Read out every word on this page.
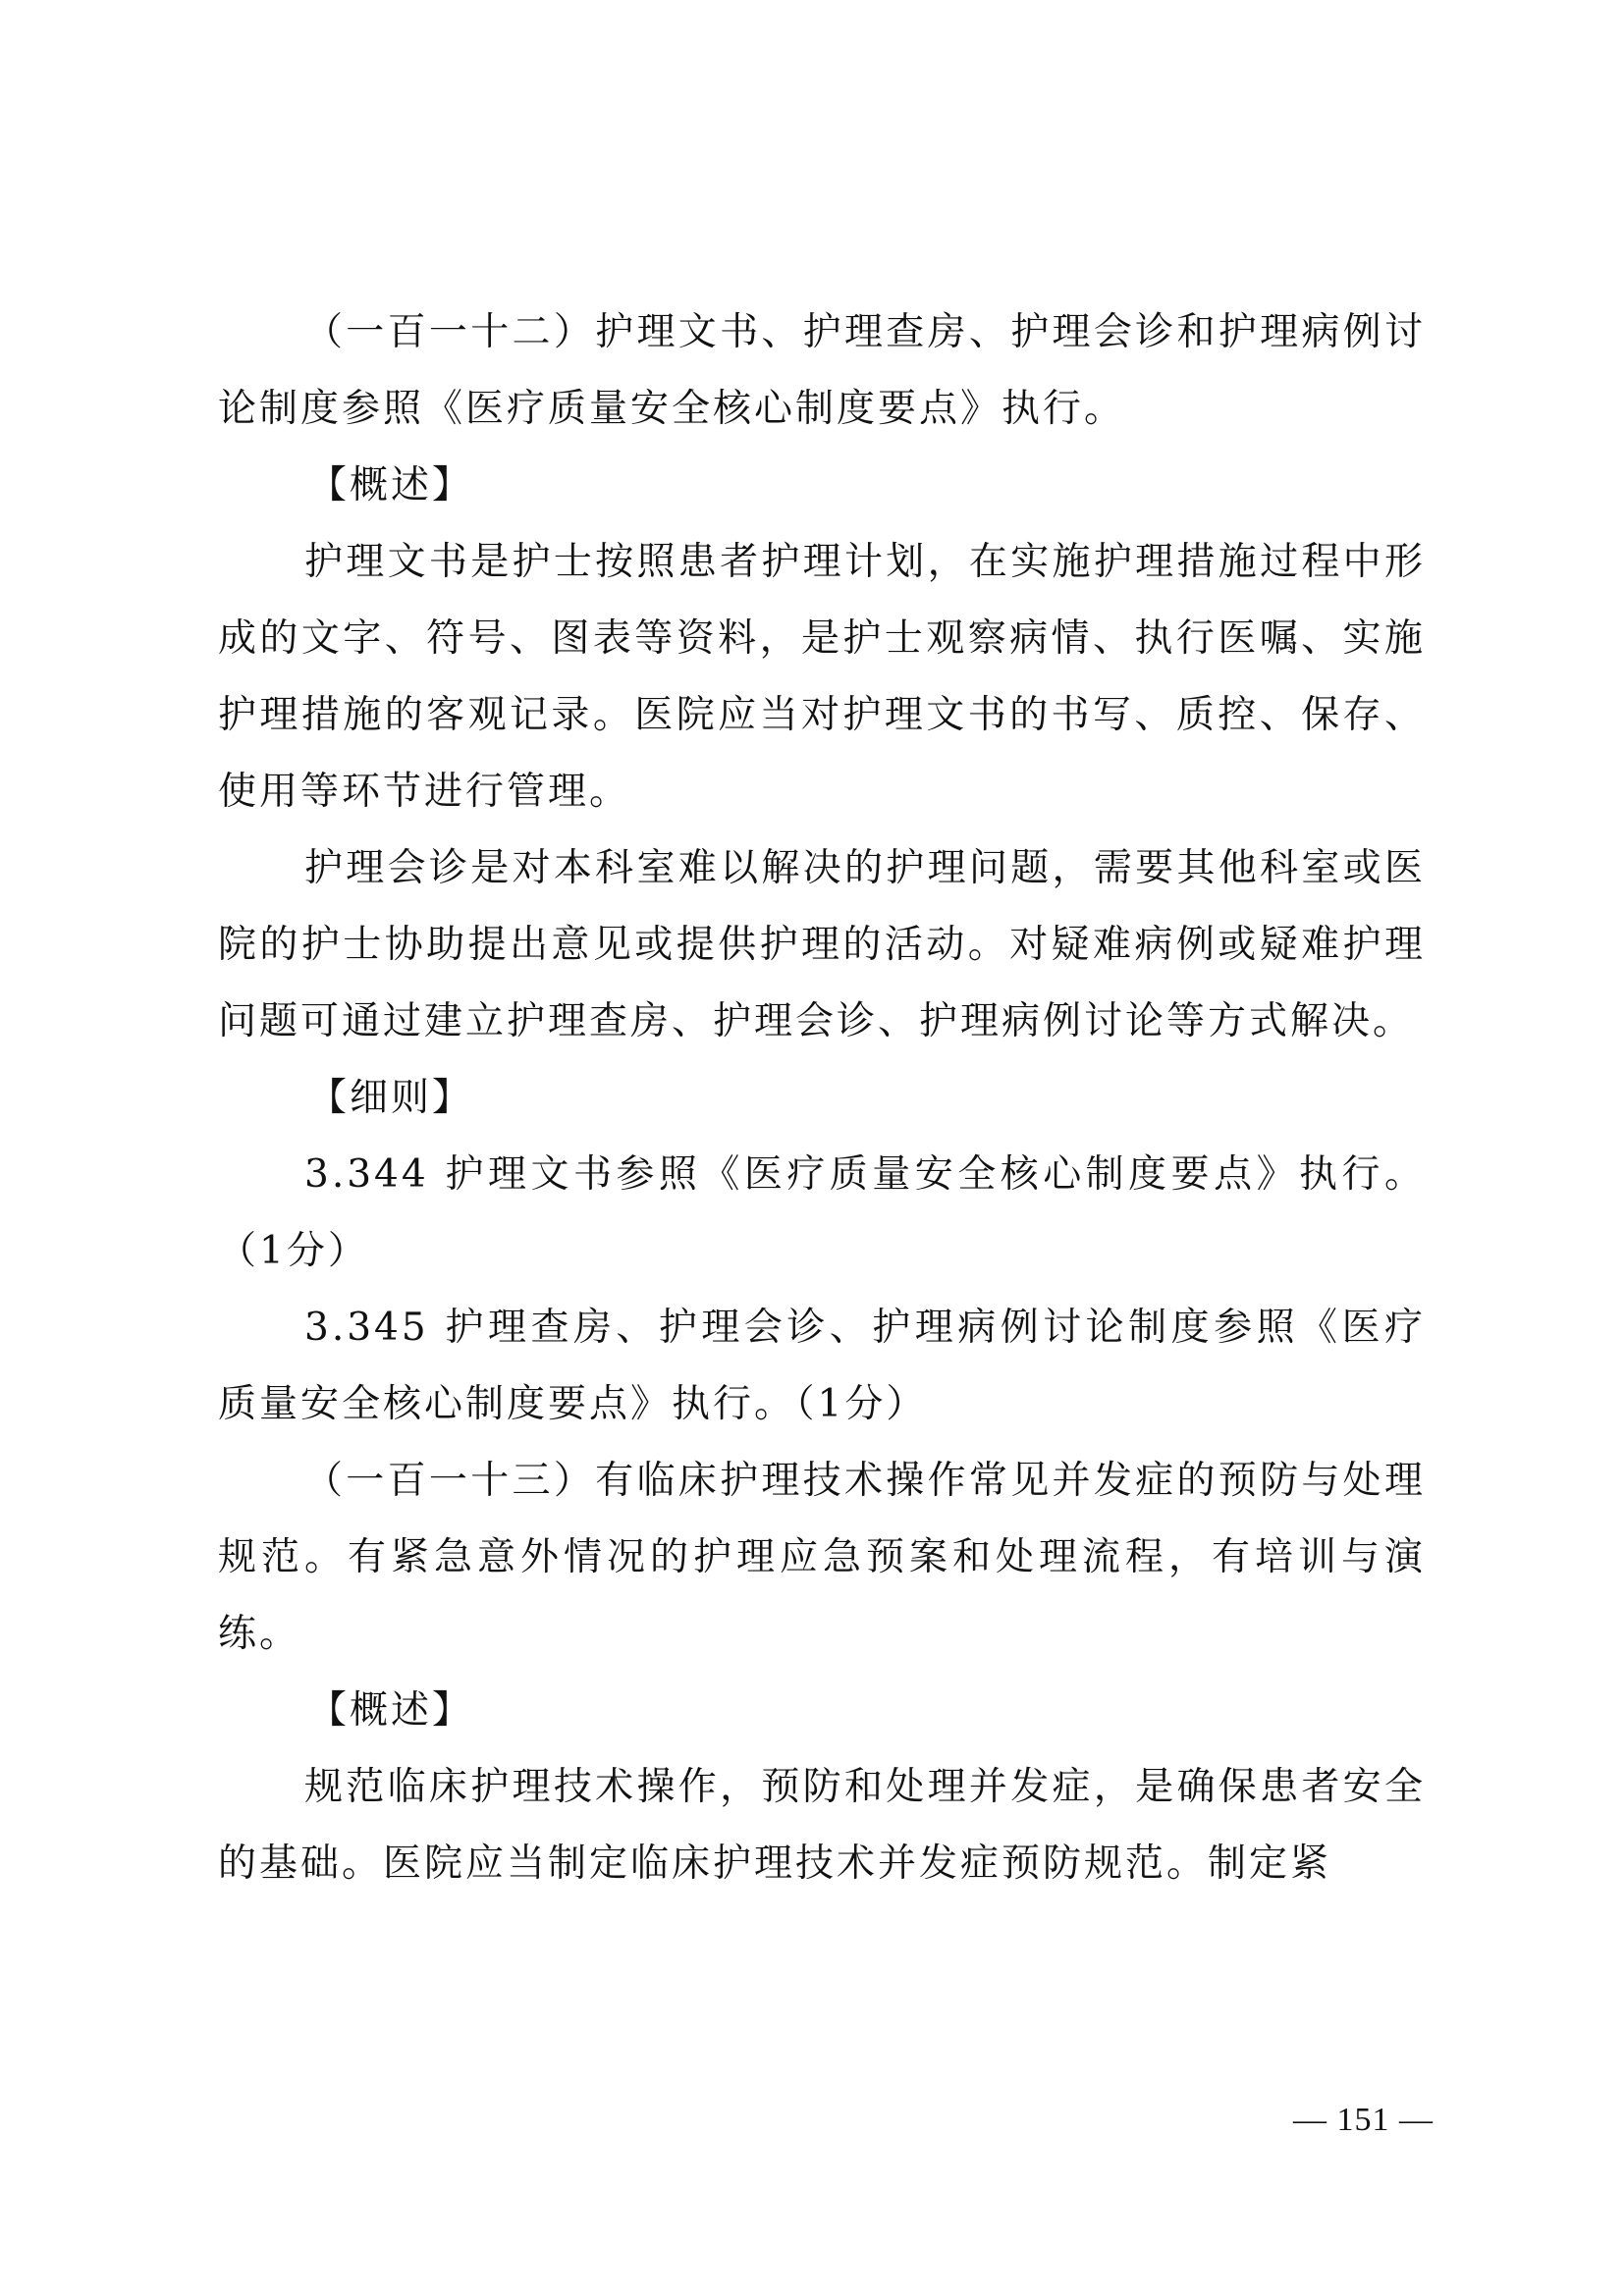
（一百一十二）护理文书、护理查房、护理会诊和护理病例讨论制度参照《医疗质量安全核心制度要点》执行。

【概述】

护理文书是护士按照患者护理计划，在实施护理措施过程中形成的文字、符号、图表等资料，是护士观察病情、执行医嘱、实施护理措施的客观记录。医院应当对护理文书的书写、质控、保存、使用等环节进行管理。

护理会诊是对本科室难以解决的护理问题，需要其他科室或医院的护士协助提出意见或提供护理的活动。对疑难病例或疑难护理问题可通过建立护理查房、护理会诊、护理病例讨论等方式解决。

【细则】

3.344 护理文书参照《医疗质量安全核心制度要点》执行。（1分）

3.345 护理查房、护理会诊、护理病例讨论制度参照《医疗质量安全核心制度要点》执行。（1分）

（一百一十三）有临床护理技术操作常见并发症的预防与处理规范。有紧急意外情况的护理应急预案和处理流程，有培训与演练。

【概述】

规范临床护理技术操作，预防和处理并发症，是确保患者安全的基础。医院应当制定临床护理技术并发症预防规范。制定紧

— 151 —
